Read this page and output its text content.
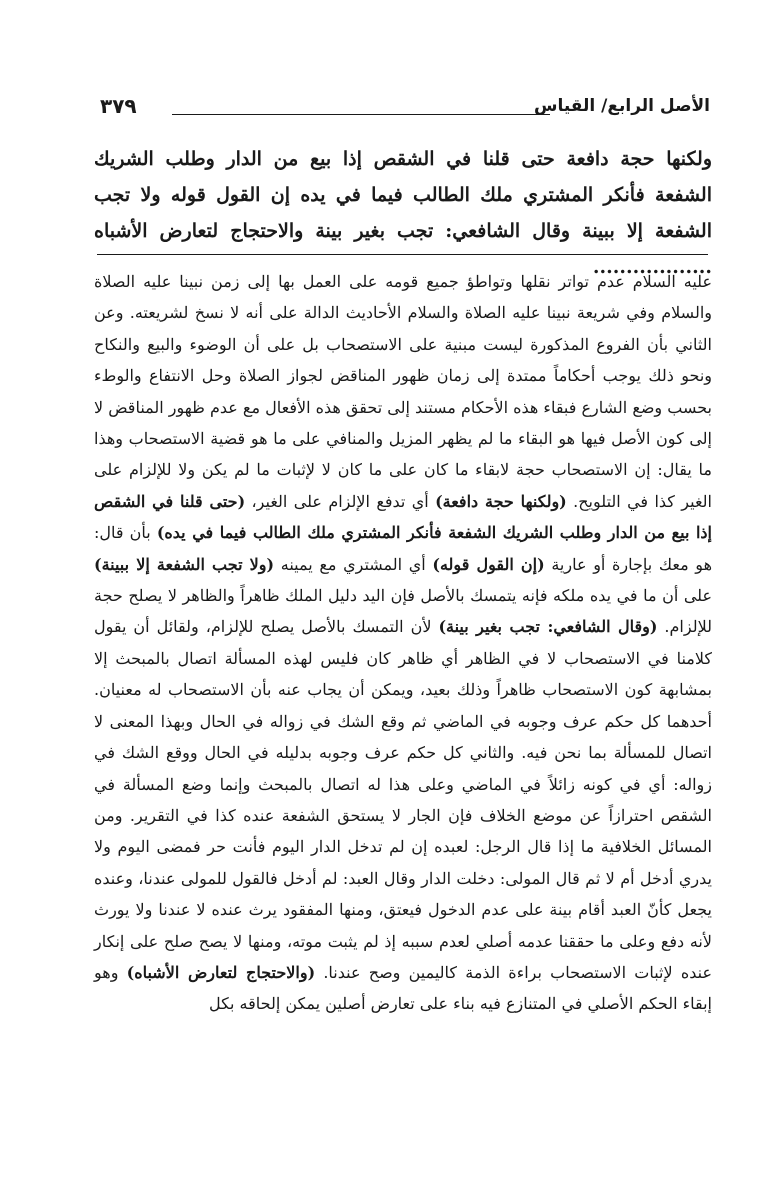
الأصل الرابع/ القياس
٣٧٩

ولكنها حجة دافعة حتى قلنا في الشقص إذا بيع من الدار وطلب الشريك الشفعة فأنكر المشتري ملك الطالب فيما في يده إن القول قوله ولا تجب الشفعة إلا ببينة وقال الشافعي: تجب بغير بينة والاحتجاج لتعارض الأشباه ..................

عليه السلام عدم تواتر نقلها وتواطؤ جميع قومه على العمل بها إلى زمن نبينا عليه الصلاة والسلام وفي شريعة نبينا عليه الصلاة والسلام الأحاديث الدالة على أنه لا نسخ لشريعته. وعن الثاني بأن الفروع المذكورة ليست مبنية على الاستصحاب بل على أن الوضوء والبيع والنكاح ونحو ذلك يوجب أحكاماً ممتدة إلى زمان ظهور المناقض لجواز الصلاة وحل الانتفاع والوطء بحسب وضع الشارع فبقاء هذه الأحكام مستند إلى تحقق هذه الأفعال مع عدم ظهور المناقض لا إلى كون الأصل فيها هو البقاء ما لم يظهر المزيل والمنافي على ما هو قضية الاستصحاب وهذا ما يقال: إن الاستصحاب حجة لابقاء ما كان على ما كان لا لإثبات ما لم يكن ولا للإلزام على الغير كذا في التلويح. (ولكنها حجة دافعة) أي تدفع الإلزام على الغير، (حتى قلنا في الشقص إذا بيع من الدار وطلب الشريك الشفعة فأنكر المشتري ملك الطالب فيما في يده) بأن قال: هو معك بإجارة أو عارية (إن القول قوله) أي المشتري مع يمينه (ولا تجب الشفعة إلا ببينة) على أن ما في يده ملكه فإنه يتمسك بالأصل فإن اليد دليل الملك ظاهراً والظاهر لا يصلح حجة للإلزام. (وقال الشافعي: تجب بغير بينة) لأن التمسك بالأصل يصلح للإلزام، ولقائل أن يقول كلامنا في الاستصحاب لا في الظاهر أي ظاهر كان فليس لهذه المسألة اتصال بالمبحث إلا بمشابهة كون الاستصحاب ظاهراً وذلك بعيد، ويمكن أن يجاب عنه بأن الاستصحاب له معنيان. أحدهما كل حكم عرف وجوبه في الماضي ثم وقع الشك في زواله في الحال وبهذا المعنى لا اتصال للمسألة بما نحن فيه. والثاني كل حكم عرف وجوبه بدليله في الحال ووقع الشك في زواله: أي في كونه زائلاً في الماضي وعلى هذا له اتصال بالمبحث وإنما وضع المسألة في الشقص احترازاً عن موضع الخلاف فإن الجار لا يستحق الشفعة عنده كذا في التقرير. ومن المسائل الخلافية ما إذا قال الرجل: لعبده إن لم تدخل الدار اليوم فأنت حر فمضى اليوم ولا يدري أدخل أم لا ثم قال المولى: دخلت الدار وقال العبد: لم أدخل فالقول للمولى عندنا، وعنده يجعل كأنّ العبد أقام بينة على عدم الدخول فيعتق، ومنها المفقود يرث عنده لا عندنا ولا يورث لأنه دفع وعلى ما حققنا عدمه أصلي لعدم سببه إذ لم يثبت موته، ومنها لا يصح صلح على إنكار عنده لإثبات الاستصحاب براءة الذمة كاليمين وصح عندنا. (والاحتجاج لتعارض الأشباه) وهو إبقاء الحكم الأصلي في المتنازع فيه بناء على تعارض أصلين يمكن إلحاقه بكل
